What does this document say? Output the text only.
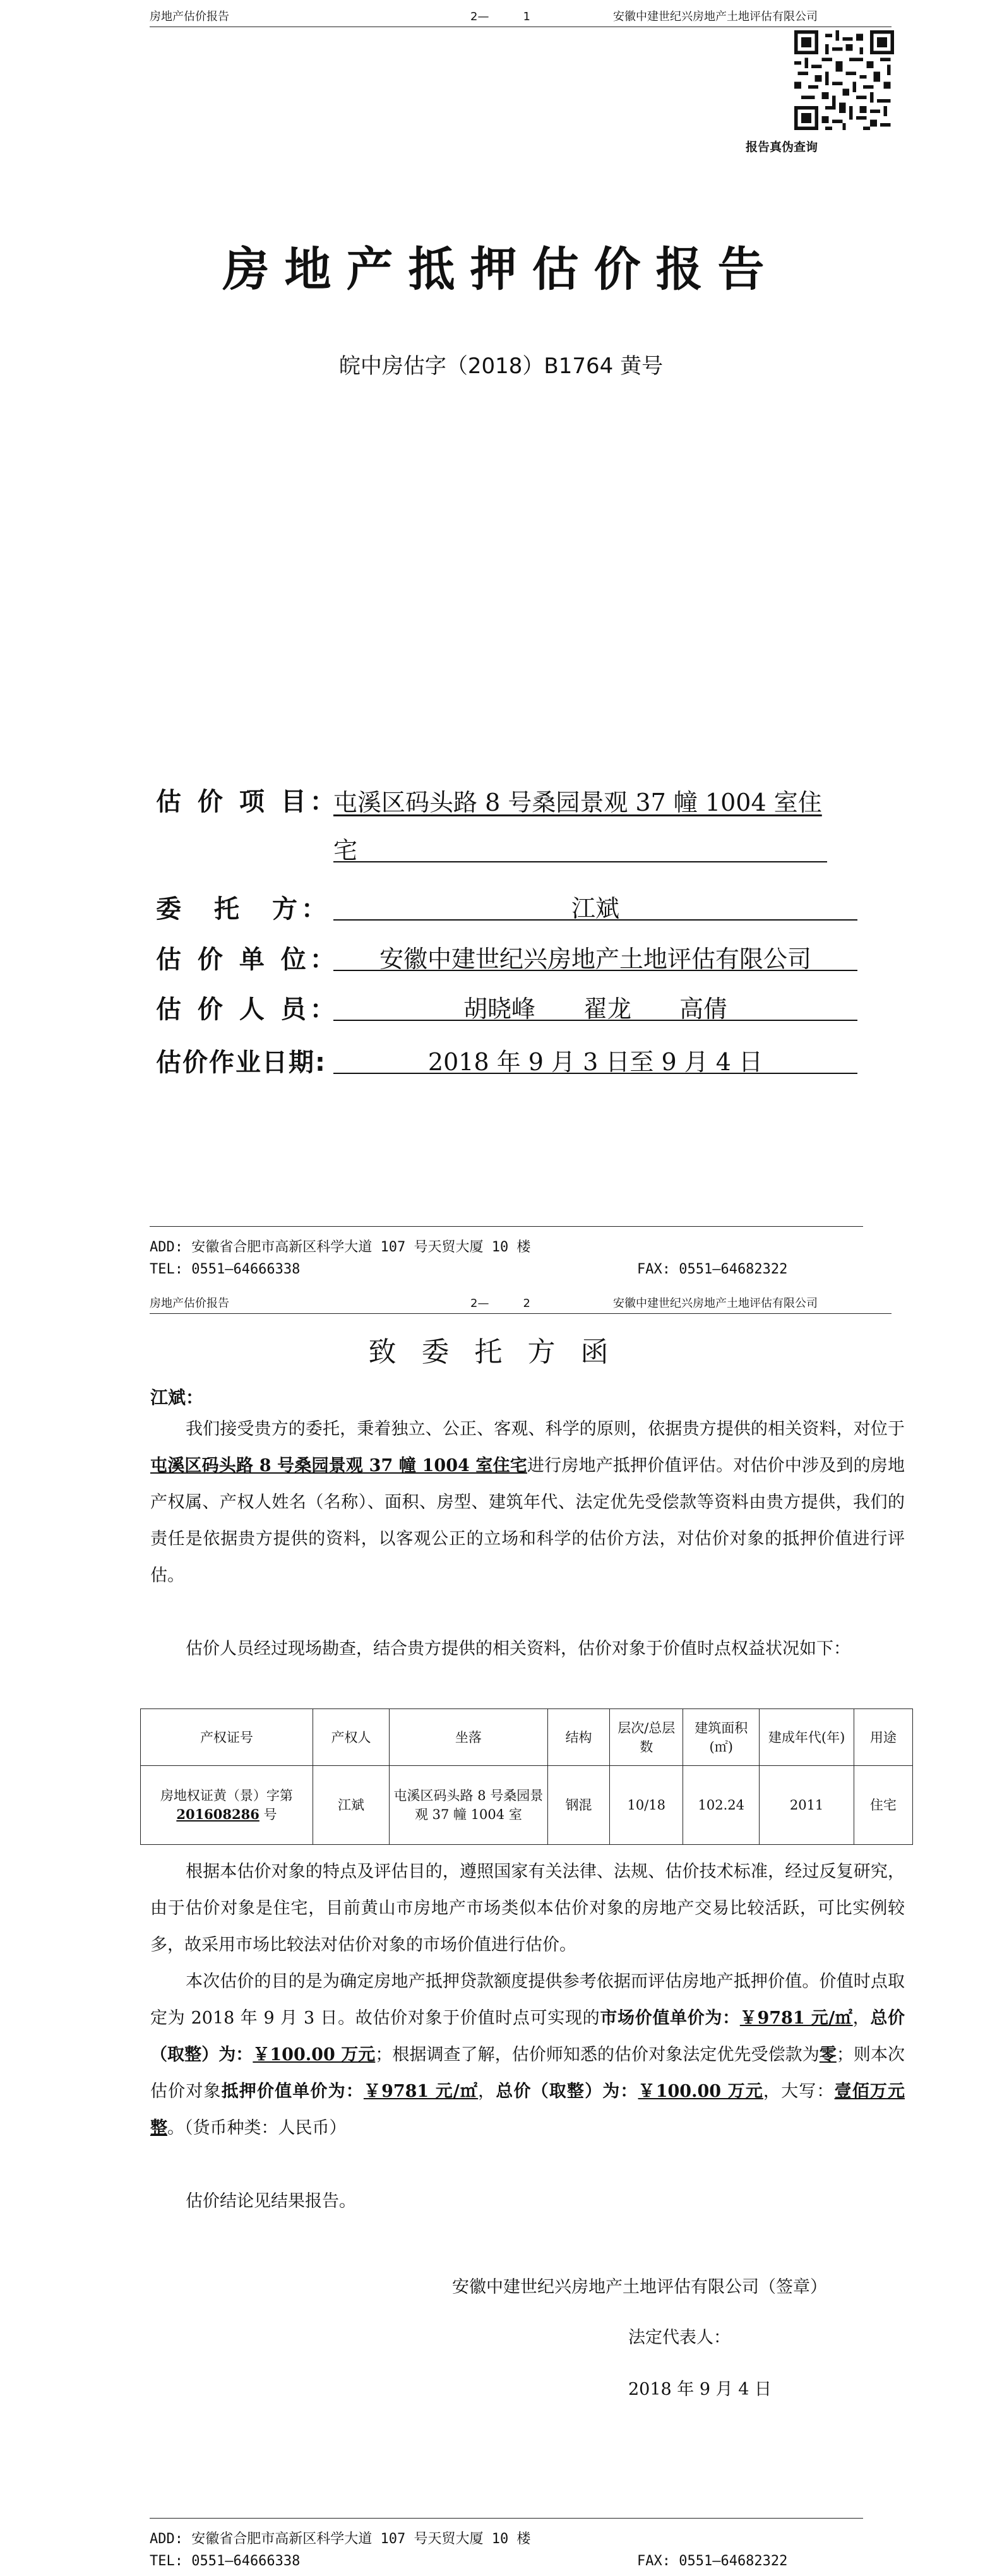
房地产估价报告	2—　　　1	安徽中建世纪兴房地产土地评估有限公司
报告真伪查询
房地产抵押估价报告
皖中房估字（2018）B1764 黄号
估 价 项 目：
屯溪区码头路 8 号桑园景观 37 幢 1004 室住
宅
委　托　方：	江斌
估 价 单 位：	安徽中建世纪兴房地产土地评估有限公司
估 价 人 员：	胡晓峰　　翟龙　　高倩
估价作业日期:	2018 年 9 月 3 日至 9 月 4 日
ADD: 安徽省合肥市高新区科学大道 107 号天贸大厦 10 楼
TEL: 0551—64666338	FAX: 0551—64682322
房地产估价报告	2—　　　2	安徽中建世纪兴房地产土地评估有限公司
致委托方函
江斌：
我们接受贵方的委托，秉着独立、公正、客观、科学的原则，依据贵方提供的相关资料，对位于屯溪区码头路 8 号桑园景观 37 幢 1004 室住宅进行房地产抵押价值评估。对估价中涉及到的房地产权属、产权人姓名（名称）、面积、房型、建筑年代、法定优先受偿款等资料由贵方提供，我们的责任是依据贵方提供的资料，以客观公正的立场和科学的估价方法，对估价对象的抵押价值进行评估。
估价人员经过现场勘查，结合贵方提供的相关资料，估价对象于价值时点权益状况如下：
产权证号	产权人	坐落	结构	层次/总层数	建筑面积(㎡)	建成年代(年)	用途
房地权证黄（景）字第
201608286 号	江斌	屯溪区码头路 8 号桑园景观 37 幢 1004 室	钢混	10/18	102.24	2011	住宅
根据本估价对象的特点及评估目的，遵照国家有关法律、法规、估价技术标准，经过反复研究，由于估价对象是住宅，目前黄山市房地产市场类似本估价对象的房地产交易比较活跃，可比实例较多，故采用市场比较法对估价对象的市场价值进行估价。
本次估价的目的是为确定房地产抵押贷款额度提供参考依据而评估房地产抵押价值。价值时点取定为 2018 年 9 月 3 日。故估价对象于价值时点可实现的市场价值单价为：￥9781 元/㎡，总价（取整）为：￥100.00 万元；根据调查了解，估价师知悉的估价对象法定优先受偿款为零；则本次估价对象抵押价值单价为：￥9781 元/㎡，总价（取整）为：￥100.00 万元，大写：壹佰万元整。（货币种类：人民币）
估价结论见结果报告。
安徽中建世纪兴房地产土地评估有限公司（签章）
法定代表人：
2018 年 9 月 4 日
ADD: 安徽省合肥市高新区科学大道 107 号天贸大厦 10 楼
TEL: 0551—64666338	FAX: 0551—64682322
